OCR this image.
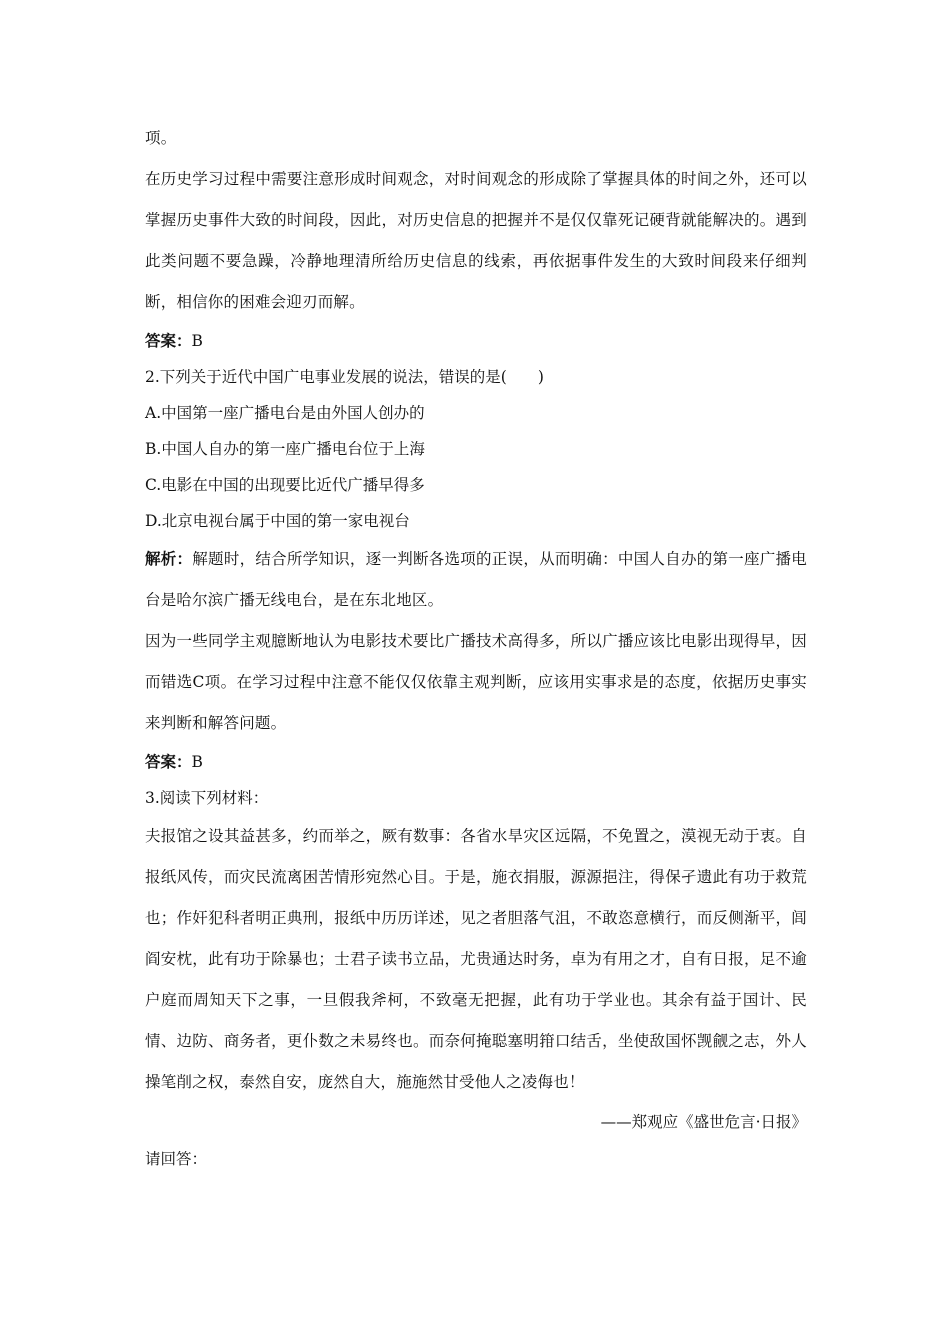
项。

在历史学习过程中需要注意形成时间观念，对时间观念的形成除了掌握具体的时间之外，还可以掌握历史事件大致的时间段，因此，对历史信息的把握并不是仅仅靠死记硬背就能解决的。遇到此类问题不要急躁，冷静地理清所给历史信息的线索，再依据事件发生的大致时间段来仔细判断，相信你的困难会迎刃而解。

答案：B

2.下列关于近代中国广电事业发展的说法，错误的是(　　)

A.中国第一座广播电台是由外国人创办的

B.中国人自办的第一座广播电台位于上海

C.电影在中国的出现要比近代广播早得多

D.北京电视台属于中国的第一家电视台

解析：解题时，结合所学知识，逐一判断各选项的正误，从而明确：中国人自办的第一座广播电台是哈尔滨广播无线电台，是在东北地区。

因为一些同学主观臆断地认为电影技术要比广播技术高得多，所以广播应该比电影出现得早，因而错选C项。在学习过程中注意不能仅仅依靠主观判断，应该用实事求是的态度，依据历史事实来判断和解答问题。

答案：B

3.阅读下列材料：

夫报馆之设其益甚多，约而举之，厥有数事：各省水旱灾区远隔，不免置之，漠视无动于衷。自报纸风传，而灾民流离困苦情形宛然心目。于是，施衣捐服，源源挹注，得保孑遗此有功于救荒也；作奸犯科者明正典刑，报纸中历历详述，见之者胆落气沮，不敢恣意横行，而反侧渐平，闾阎安枕，此有功于除暴也；士君子读书立品，尤贵通达时务，卓为有用之才，自有日报，足不逾户庭而周知天下之事，一旦假我斧柯，不致毫无把握，此有功于学业也。其余有益于国计、民情、边防、商务者，更仆数之未易终也。而奈何掩聪塞明箝口结舌，坐使敌国怀觊觎之志，外人操笔削之权，泰然自安，庞然自大，施施然甘受他人之凌侮也！

——郑观应《盛世危言·日报》

请回答：
